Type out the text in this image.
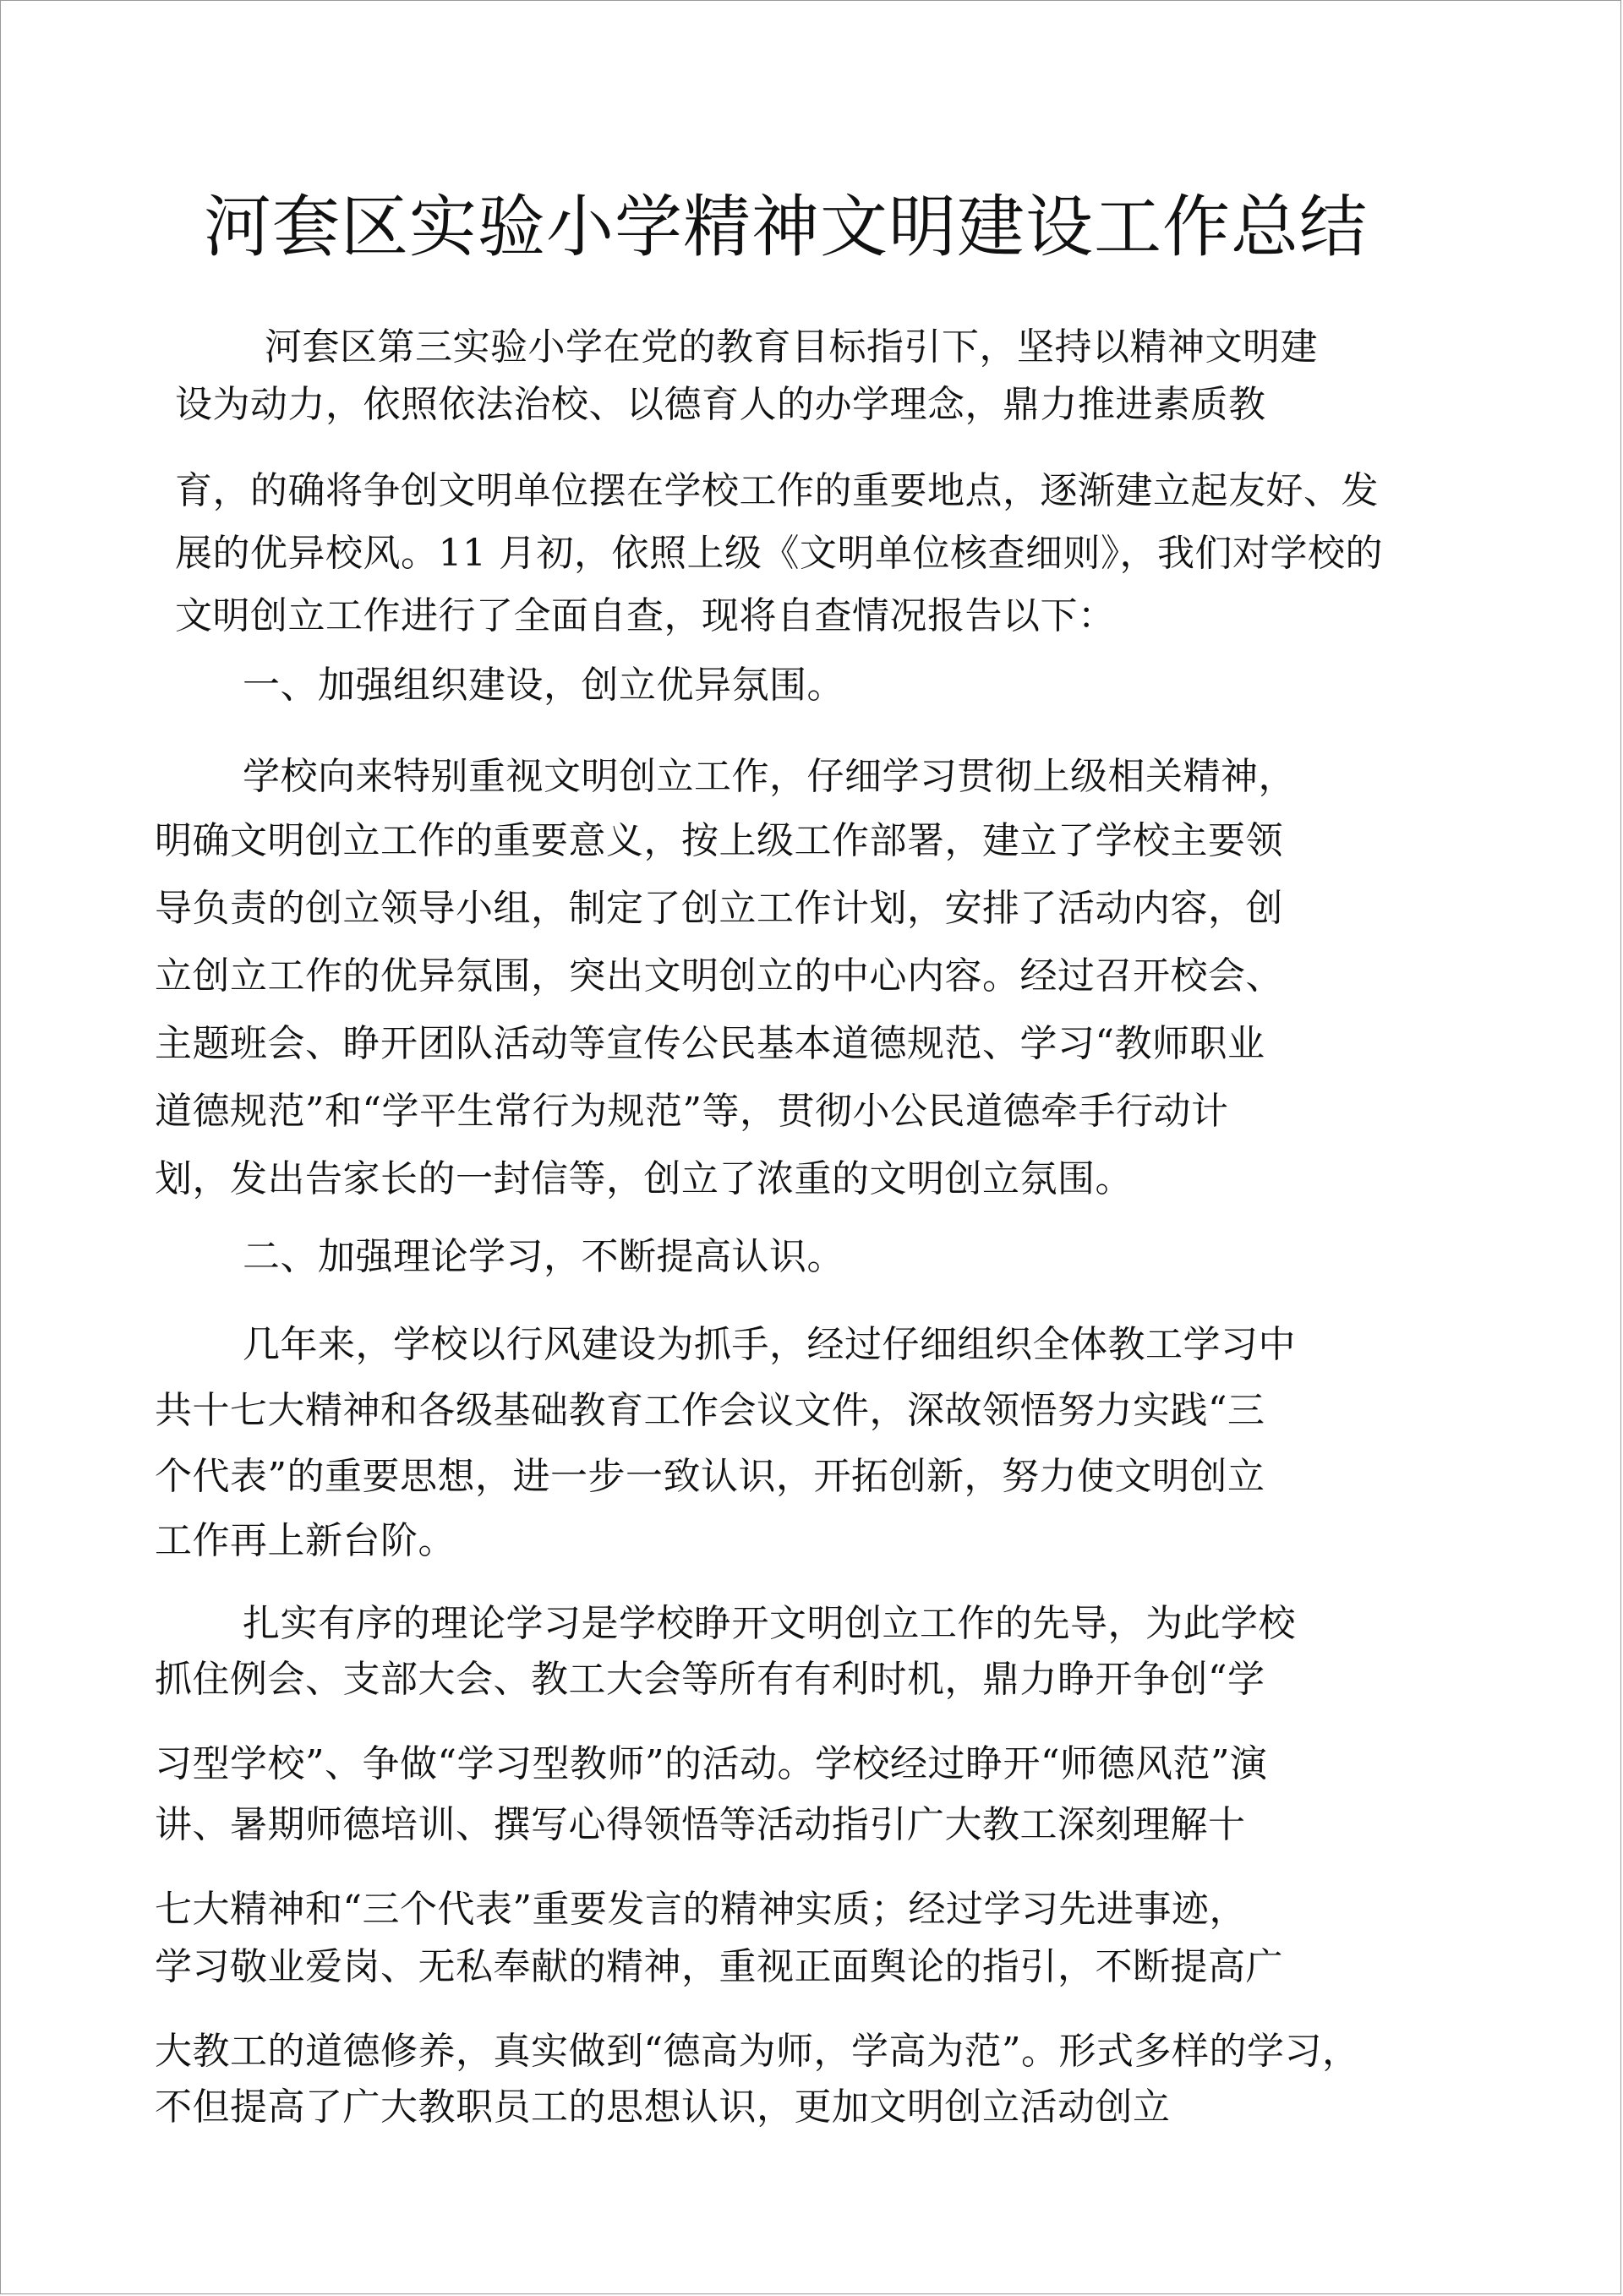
河套区实验小学精神文明建设工作总结
河套区第三实验小学在党的教育目标指引下，坚持以精神文明建
设为动力，依照依法治校、以德育人的办学理念，鼎力推进素质教
育，的确将争创文明单位摆在学校工作的重要地点，逐渐建立起友好、发
展的优异校风。11 月初，依照上级《文明单位核查细则》，我们对学校的
文明创立工作进行了全面自查，现将自查情况报告以下：
一、加强组织建设，创立优异氛围。
学校向来特别重视文明创立工作，仔细学习贯彻上级相关精神，
明确文明创立工作的重要意义，按上级工作部署，建立了学校主要领
导负责的创立领导小组，制定了创立工作计划，安排了活动内容，创
立创立工作的优异氛围，突出文明创立的中心内容。经过召开校会、
主题班会、睁开团队活动等宣传公民基本道德规范、学习“教师职业
道德规范”和“学平生常行为规范”等，贯彻小公民道德牵手行动计
划，发出告家长的一封信等，创立了浓重的文明创立氛围。
二、加强理论学习，不断提高认识。
几年来，学校以行风建设为抓手，经过仔细组织全体教工学习中
共十七大精神和各级基础教育工作会议文件，深故领悟努力实践“三
个代表”的重要思想，进一步一致认识，开拓创新，努力使文明创立
工作再上新台阶。
扎实有序的理论学习是学校睁开文明创立工作的先导，为此学校
抓住例会、支部大会、教工大会等所有有利时机，鼎力睁开争创“学
习型学校”、争做“学习型教师”的活动。学校经过睁开“师德风范”演
讲、暑期师德培训、撰写心得领悟等活动指引广大教工深刻理解十
七大精神和“三个代表”重要发言的精神实质；经过学习先进事迹，
学习敬业爱岗、无私奉献的精神，重视正面舆论的指引，不断提高广
大教工的道德修养，真实做到“德高为师，学高为范”。形式多样的学习，
不但提高了广大教职员工的思想认识，更加文明创立活动创立
